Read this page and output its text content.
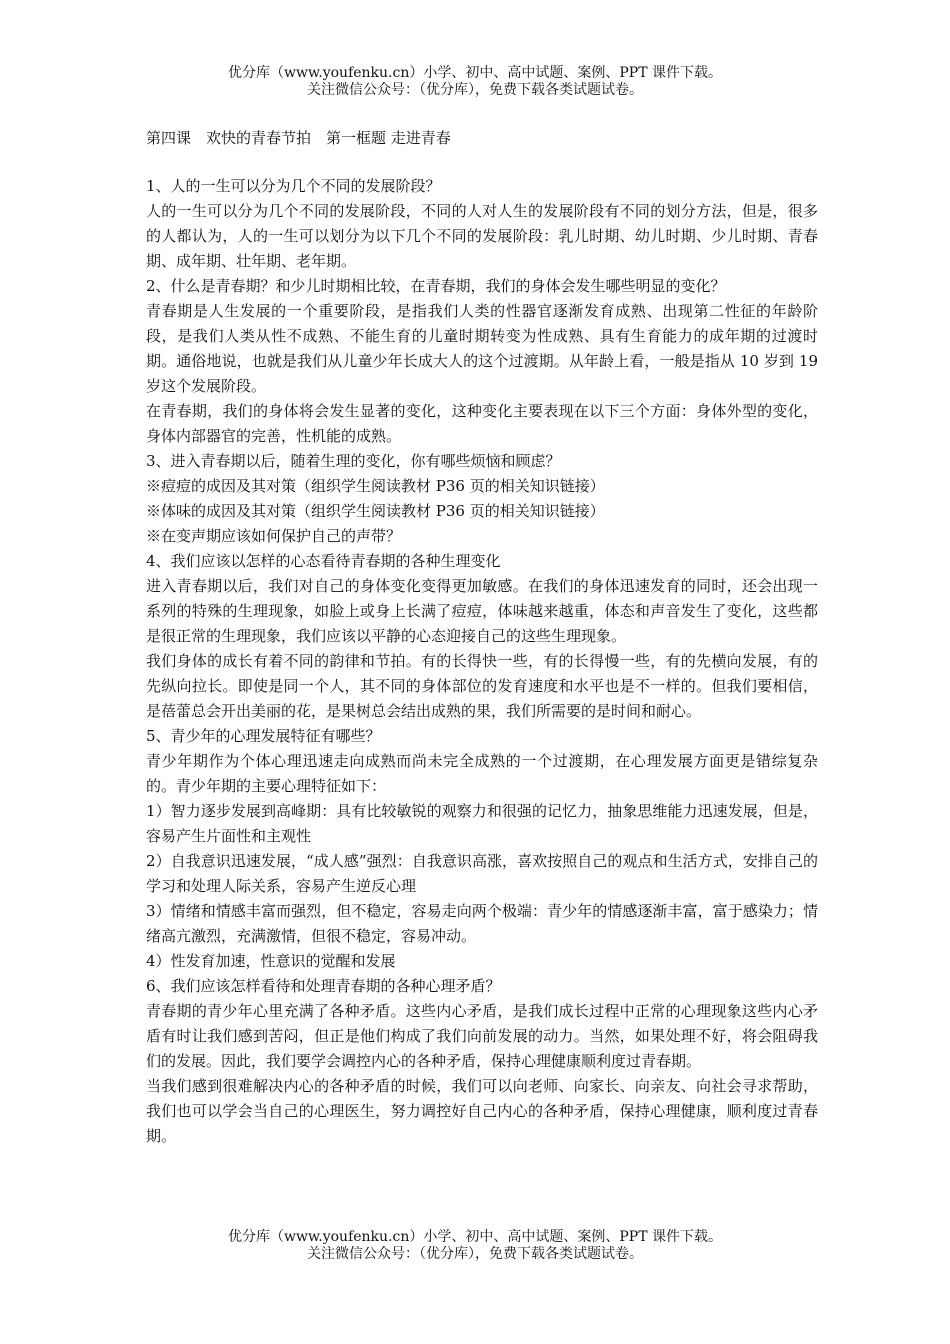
优分库（www.youfenku.cn）小学、初中、高中试题、案例、PPT 课件下载。
关注微信公众号：（优分库），免费下载各类试题试卷。
第四课　欢快的青春节拍　第一框题 走进青春

1、人的一生可以分为几个不同的发展阶段？

人的一生可以分为几个不同的发展阶段，不同的人对人生的发展阶段有不同的划分方法，但是，很多的人都认为，人的一生可以划分为以下几个不同的发展阶段：乳儿时期、幼儿时期、少儿时期、青春期、成年期、壮年期、老年期。

2、什么是青春期？和少儿时期相比较，在青春期，我们的身体会发生哪些明显的变化？

青春期是人生发展的一个重要阶段，是指我们人类的性器官逐渐发育成熟、出现第二性征的年龄阶段，是我们人类从性不成熟、不能生育的儿童时期转变为性成熟、具有生育能力的成年期的过渡时期。通俗地说，也就是我们从儿童少年长成大人的这个过渡期。从年龄上看，一般是指从 10 岁到 19 岁这个发展阶段。

在青春期，我们的身体将会发生显著的变化，这种变化主要表现在以下三个方面：身体外型的变化，身体内部器官的完善，性机能的成熟。

3、进入青春期以后，随着生理的变化，你有哪些烦恼和顾虑？

※痘痘的成因及其对策（组织学生阅读教材 P36 页的相关知识链接）

※体味的成因及其对策（组织学生阅读教材 P36 页的相关知识链接）

※在变声期应该如何保护自己的声带？

4、我们应该以怎样的心态看待青春期的各种生理变化

进入青春期以后，我们对自己的身体变化变得更加敏感。在我们的身体迅速发育的同时，还会出现一系列的特殊的生理现象，如脸上或身上长满了痘痘，体味越来越重，体态和声音发生了变化，这些都是很正常的生理现象，我们应该以平静的心态迎接自己的这些生理现象。

我们身体的成长有着不同的韵律和节拍。有的长得快一些，有的长得慢一些，有的先横向发展，有的先纵向拉长。即使是同一个人，其不同的身体部位的发育速度和水平也是不一样的。但我们要相信，是蓓蕾总会开出美丽的花，是果树总会结出成熟的果，我们所需要的是时间和耐心。

5、青少年的心理发展特征有哪些？

青少年期作为个体心理迅速走向成熟而尚未完全成熟的一个过渡期，在心理发展方面更是错综复杂的。青少年期的主要心理特征如下：

1）智力逐步发展到高峰期：具有比较敏锐的观察力和很强的记忆力，抽象思维能力迅速发展，但是，容易产生片面性和主观性

2）自我意识迅速发展，“成人感”强烈：自我意识高涨，喜欢按照自己的观点和生活方式，安排自己的学习和处理人际关系，容易产生逆反心理

3）情绪和情感丰富而强烈，但不稳定，容易走向两个极端：青少年的情感逐渐丰富，富于感染力；情绪高亢激烈，充满激情，但很不稳定，容易冲动。

4）性发育加速，性意识的觉醒和发展

6、我们应该怎样看待和处理青春期的各种心理矛盾？

青春期的青少年心里充满了各种矛盾。这些内心矛盾，是我们成长过程中正常的心理现象这些内心矛盾有时让我们感到苦闷，但正是他们构成了我们向前发展的动力。当然，如果处理不好，将会阻碍我们的发展。因此，我们要学会调控内心的各种矛盾，保持心理健康顺利度过青春期。

当我们感到很难解决内心的各种矛盾的时候，我们可以向老师、向家长、向亲友、向社会寻求帮助，我们也可以学会当自己的心理医生，努力调控好自己内心的各种矛盾，保持心理健康，顺利度过青春期。

优分库（www.youfenku.cn）小学、初中、高中试题、案例、PPT 课件下载。
关注微信公众号：（优分库），免费下载各类试题试卷。
